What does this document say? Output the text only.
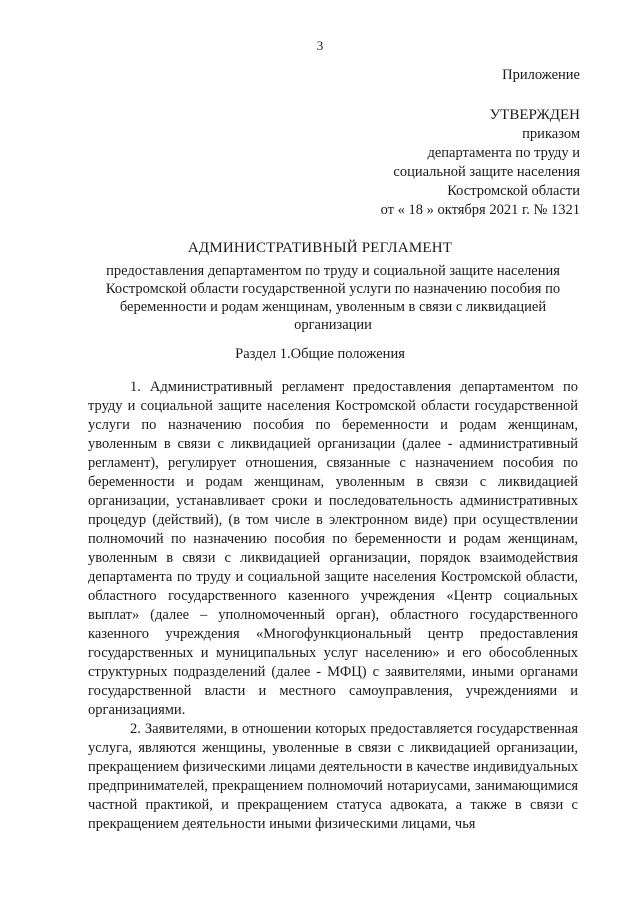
3
Приложение
УТВЕРЖДЕН
приказом
департамента по труду и
социальной защите населения
Костромской области
от « 18 » октября 2021 г. № 1321
АДМИНИСТРАТИВНЫЙ РЕГЛАМЕНТ
предоставления департаментом по труду и социальной защите населения Костромской области государственной услуги по назначению пособия по беременности и родам женщинам, уволенным в связи с ликвидацией организации
Раздел 1.Общие положения

1. Административный регламент предоставления департаментом по труду и социальной защите населения Костромской области государственной услуги по назначению пособия по беременности и родам женщинам, уволенным в связи с ликвидацией организации (далее - административный регламент), регулирует отношения, связанные с назначением пособия по беременности и родам женщинам, уволенным в связи с ликвидацией организации, устанавливает сроки и последовательность административных процедур (действий), (в том числе в электронном виде) при осуществлении полномочий по назначению пособия по беременности и родам женщинам, уволенным в связи с ликвидацией организации, порядок взаимодействия департамента по труду и социальной защите населения Костромской области, областного государственного казенного учреждения «Центр социальных выплат» (далее – уполномоченный орган), областного государственного казенного учреждения «Многофункциональный центр предоставления государственных и муниципальных услуг населению» и его обособленных структурных подразделений (далее - МФЦ) с заявителями, иными органами государственной власти и местного самоуправления, учреждениями и организациями.

2. Заявителями, в отношении которых предоставляется государственная услуга, являются женщины, уволенные в связи с ликвидацией организации, прекращением физическими лицами деятельности в качестве индивидуальных предпринимателей, прекращением полномочий нотариусами, занимающимися частной практикой, и прекращением статуса адвоката, а также в связи с прекращением деятельности иными физическими лицами, чья
